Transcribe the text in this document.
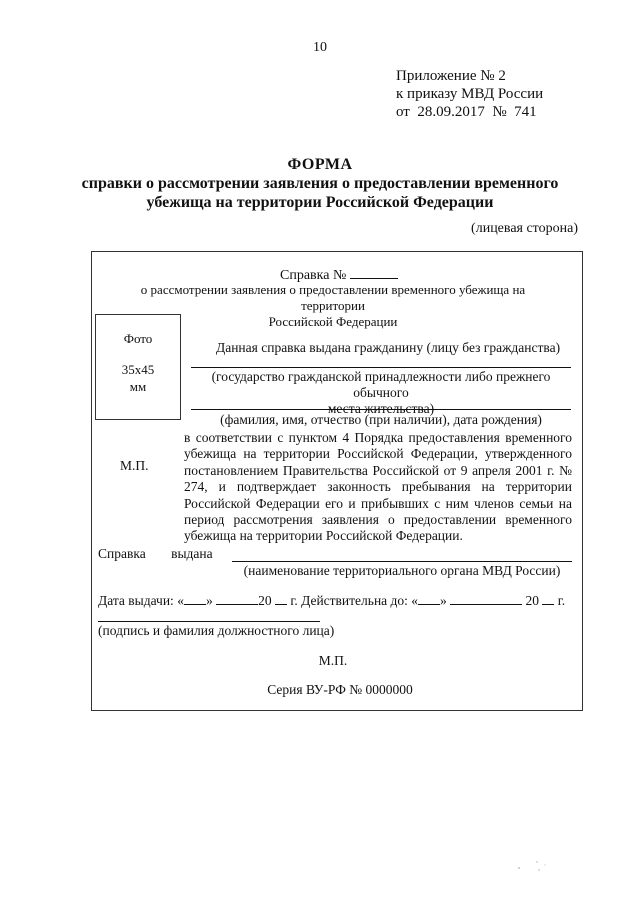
10
Приложение № 2
к приказу МВД России
от  28.09.2017  №  741
ФОРМА
справки о рассмотрении заявления о предоставлении временного
убежища на территории Российской Федерации
(лицевая сторона)
Справка №
о рассмотрении заявления о предоставлении временного убежища на территории
Российской Федерации
Фото
35x45
мм
Данная справка выдана гражданину (лицу без гражданства)
(государство гражданской принадлежности либо прежнего обычного
места жительства)
(фамилия, имя, отчество (при наличии), дата рождения)
в соответствии с пунктом 4 Порядка предоставления временного убежища на территории Российской Федерации, утвержденного постановлением Правительства Российской от 9 апреля 2001 г. № 274, и подтверждает законность пребывания на территории Российской Федерации его и прибывших с ним членов семьи на период рассмотрения заявления о предоставлении временного убежища на территории Российской Федерации.
М.П.
Справка выдана
(наименование территориального органа МВД России)
Дата выдачи: « »	20 г. Действительна до: « »	20 г.
(подпись и фамилия должностного лица)
М.П.
Серия ВУ-РФ № 0000000
